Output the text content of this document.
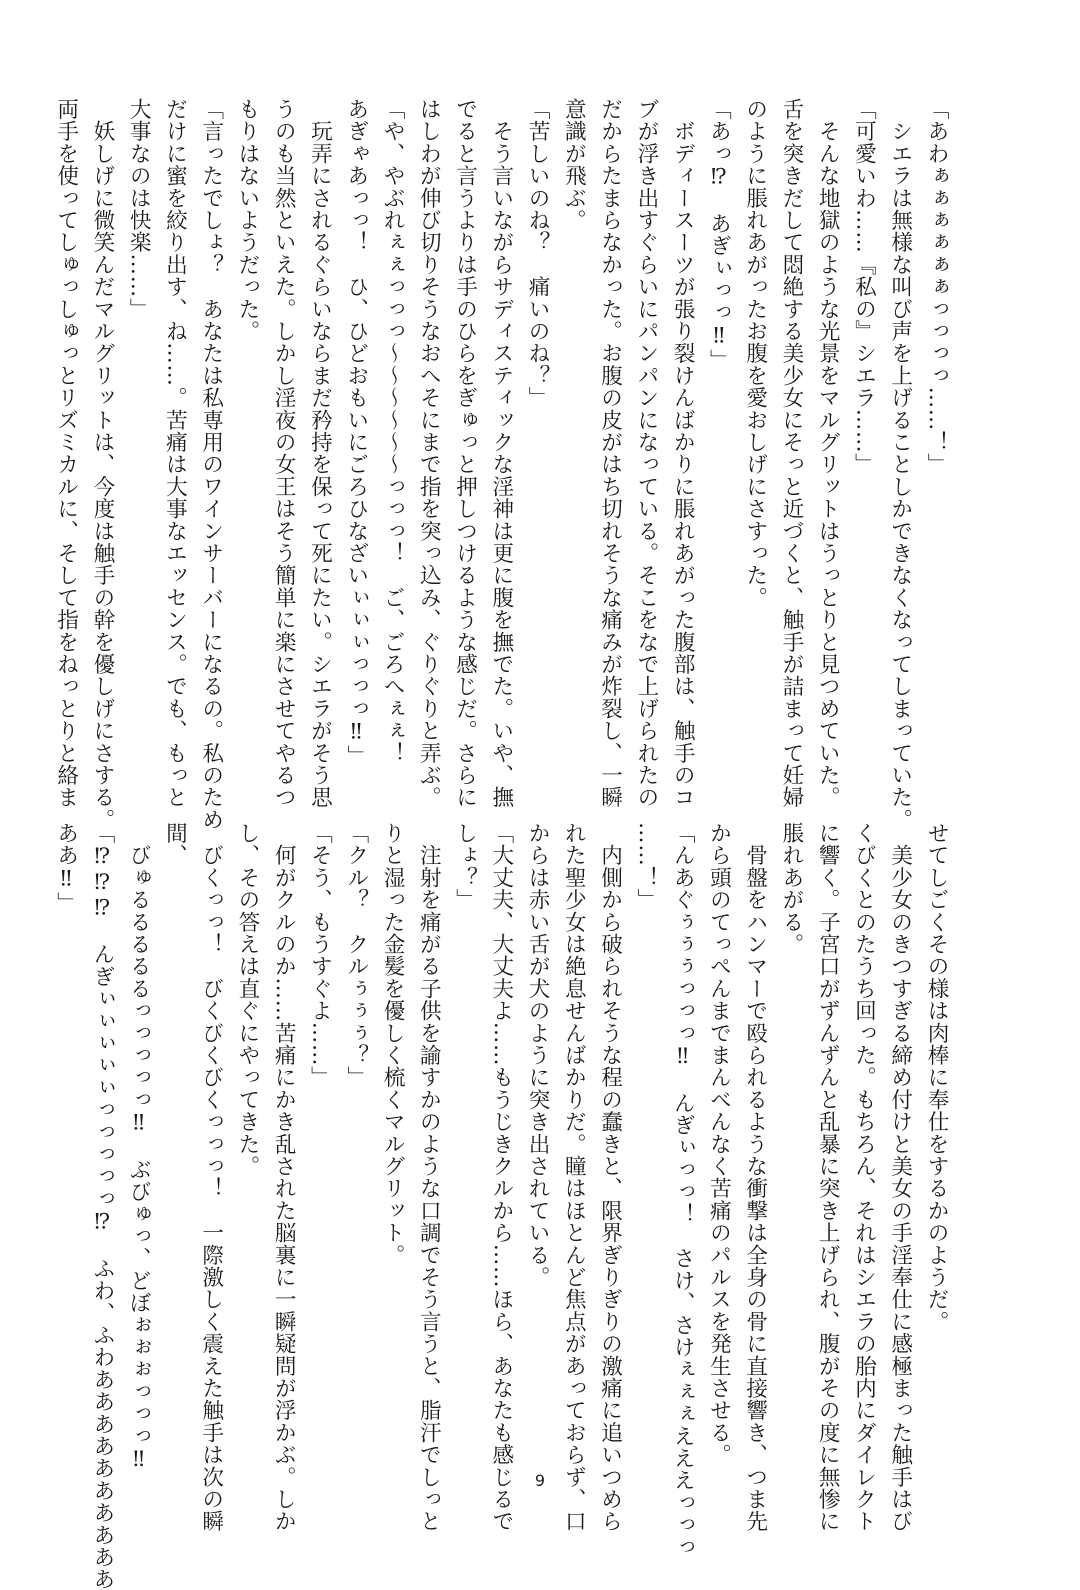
「あわぁぁぁぁぁぁっっっっ……！」
　シエラは無様な叫び声を上げることしかできなくなってしまっていた。
「可愛いわ……『私の』シエラ……」
　そんな地獄のような光景をマルグリットはうっとりと見つめていた。
舌を突きだして悶絶する美少女にそっと近づくと、触手が詰まって妊婦
のように脹れあがったお腹を愛おしげにさすった。
「あっ⁉　あぎぃっっ‼」
　ボディースーツが張り裂けんばかりに脹れあがった腹部は、触手のコ
ブが浮き出すぐらいにパンパンになっている。そこをなで上げられたの
だからたまらなかった。お腹の皮がはち切れそうな痛みが炸裂し、一瞬
意識が飛ぶ。
「苦しいのね？　痛いのね？」
　そう言いながらサディスティックな淫神は更に腹を撫でた。いや、撫
でると言うよりは手のひらをぎゅっと押しつけるような感じだ。さらに
はしわが伸び切りそうなおへそにまで指を突っ込み、ぐりぐりと弄ぶ。
「や、やぶれぇぇっっっ〜〜〜〜〜〜っっっ！　ご、ごろへぇぇ！
あぎゃあっっ！　ひ、ひどおもいにごろひなざいぃぃぃっっっ‼」
　玩弄にされるぐらいならまだ矜持を保って死にたい。シエラがそう思
うのも当然といえた。しかし淫夜の女王はそう簡単に楽にさせてやるつ
もりはないようだった。
「言ったでしょ？　あなたは私専用のワインサーバーになるの。私のため
だけに蜜を絞り出す、ね……。苦痛は大事なエッセンス。でも、もっと
大事なのは快楽……」
　妖しげに微笑んだマルグリットは、今度は触手の幹を優しげにさする。
両手を使ってしゅっしゅっとリズミカルに、そして指をねっとりと絡ま
せてしごくその様は肉棒に奉仕をするかのようだ。
　美少女のきつすぎる締め付けと美女の手淫奉仕に感極まった触手はび
くびくとのたうち回った。もちろん、それはシエラの胎内にダイレクト
に響く。子宮口がずんずんと乱暴に突き上げられ、腹がその度に無惨に
脹れあがる。
　骨盤をハンマーで殴られるような衝撃は全身の骨に直接響き、つま先
から頭のてっぺんまでまんべんなく苦痛のパルスを発生させる。
「んあぐぅぅぅっっっ‼　んぎぃっっ！　さけ、さけぇぇぇえええっっっ
……！」
　内側から破られそうな程の蠢きと、限界ぎりぎりの激痛に追いつめら
れた聖少女は絶息せんばかりだ。瞳はほとんど焦点があっておらず、口
からは赤い舌が犬のように突き出されている。
「大丈夫、大丈夫よ……もうじきクルから……ほら、あなたも感じるで
しょ？」
　注射を痛がる子供を諭すかのような口調でそう言うと、脂汗でしっと
りと湿った金髪を優しく梳くマルグリット。
「クル？　クルぅぅぅ？」
「そう、もうすぐよ……」
　何がクルのか……苦痛にかき乱された脳裏に一瞬疑問が浮かぶ。しか
し、その答えは直ぐにやってきた。
　びくっっ！　びくびくびくっっっ！　一際激しく震えた触手は次の瞬
間、
　びゅるるるるるっっっっっ‼　ぶびゅっ、どぼぉぉぉっっっ‼
「⁉⁉⁉　んぎぃぃぃぃぃっっっっっ⁉　ふわ、ふわああああああああああ
ああ‼」
9
